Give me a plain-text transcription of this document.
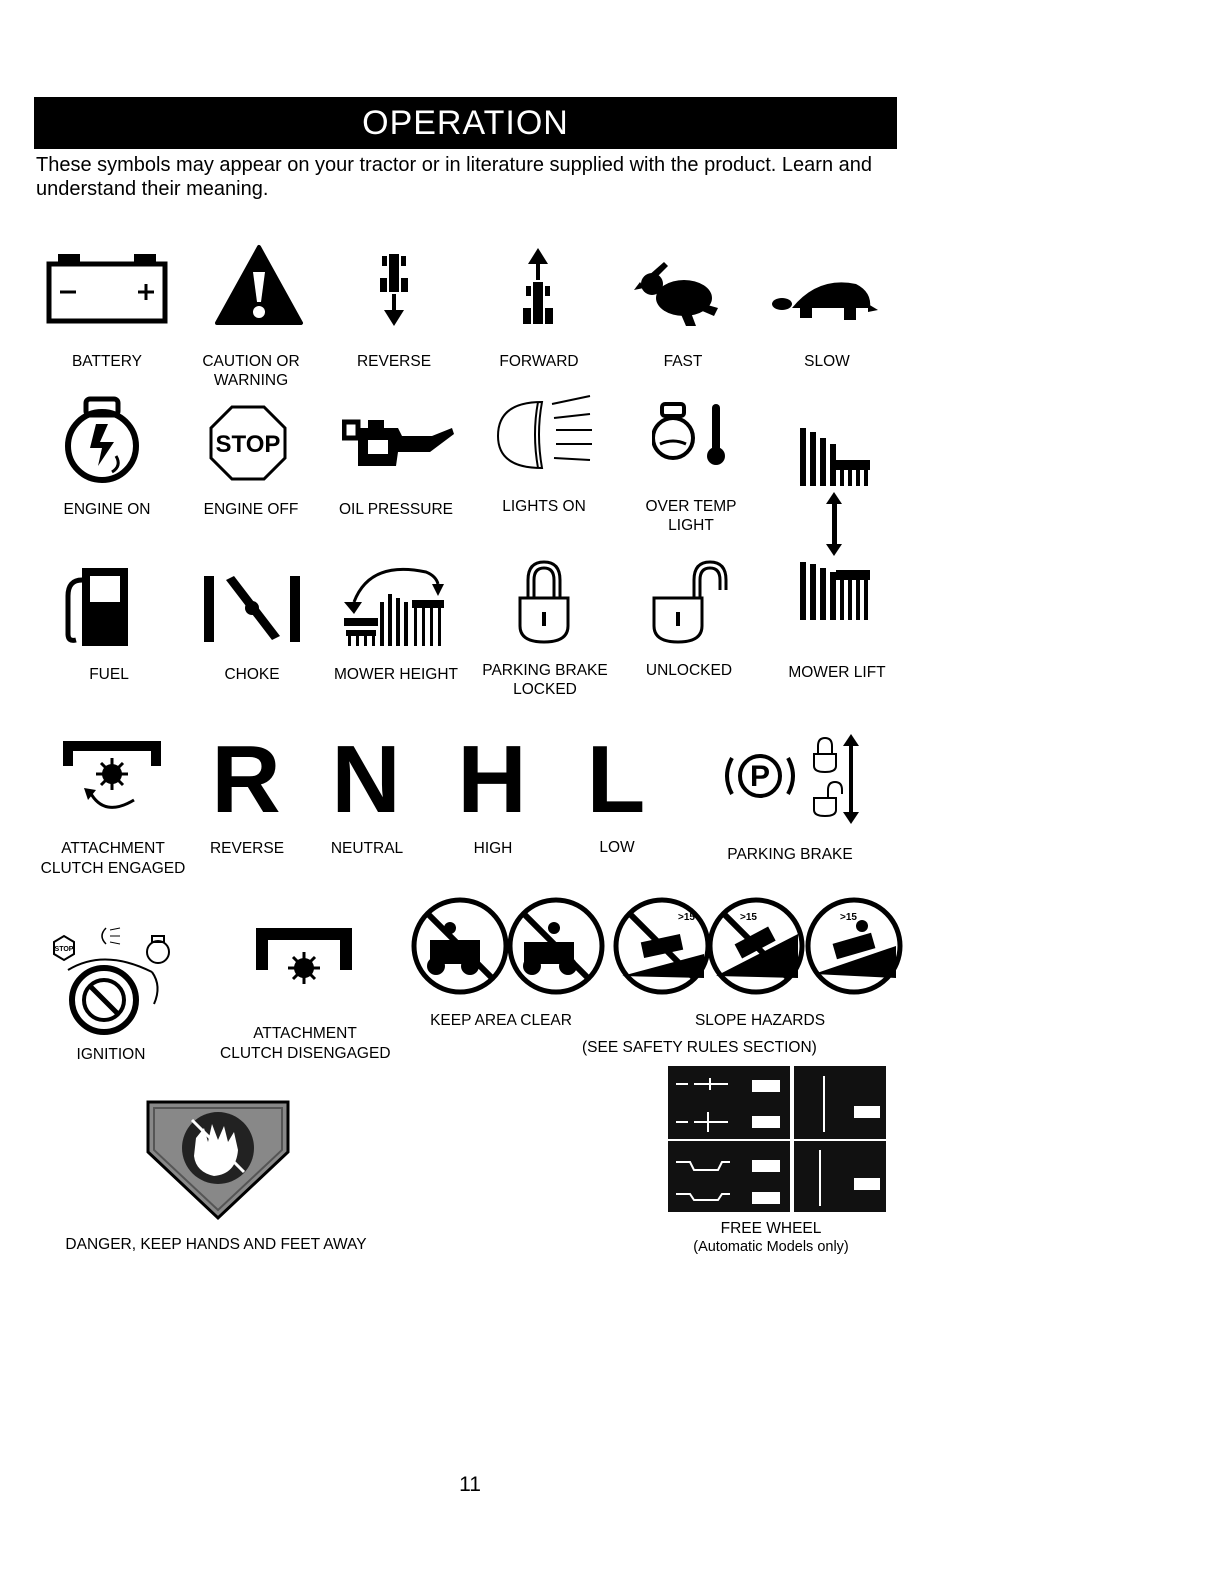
OPERATION
These symbols may appear on your tractor or in literature supplied with the product. Learn and understand their meaning.
BATTERY	CAUTION OR
WARNING
REVERSE	FORWARD	FAST	SLOW
ENGINE ON
STOP
ENGINE OFF	OIL PRESSURE	LIGHTS ON	OVER TEMP
LIGHT
FUEL	CHOKE	MOWER HEIGHT	PARKING BRAKE
LOCKED
UNLOCKED	MOWER LIFT
ATTACHMENT
CLUTCH ENGAGED
R
REVERSE
N
NEUTRAL
H
HIGH
L
LOW
P
PARKING BRAKE
STOP
IGNITION
ATTACHMENT
CLUTCH DISENGAGED
>15	>15	>15
KEEP AREA CLEAR	SLOPE HAZARDS
(SEE SAFETY RULES SECTION)
DANGER, KEEP HANDS AND FEET AWAY
FREE WHEEL
(Automatic Models only)
11
